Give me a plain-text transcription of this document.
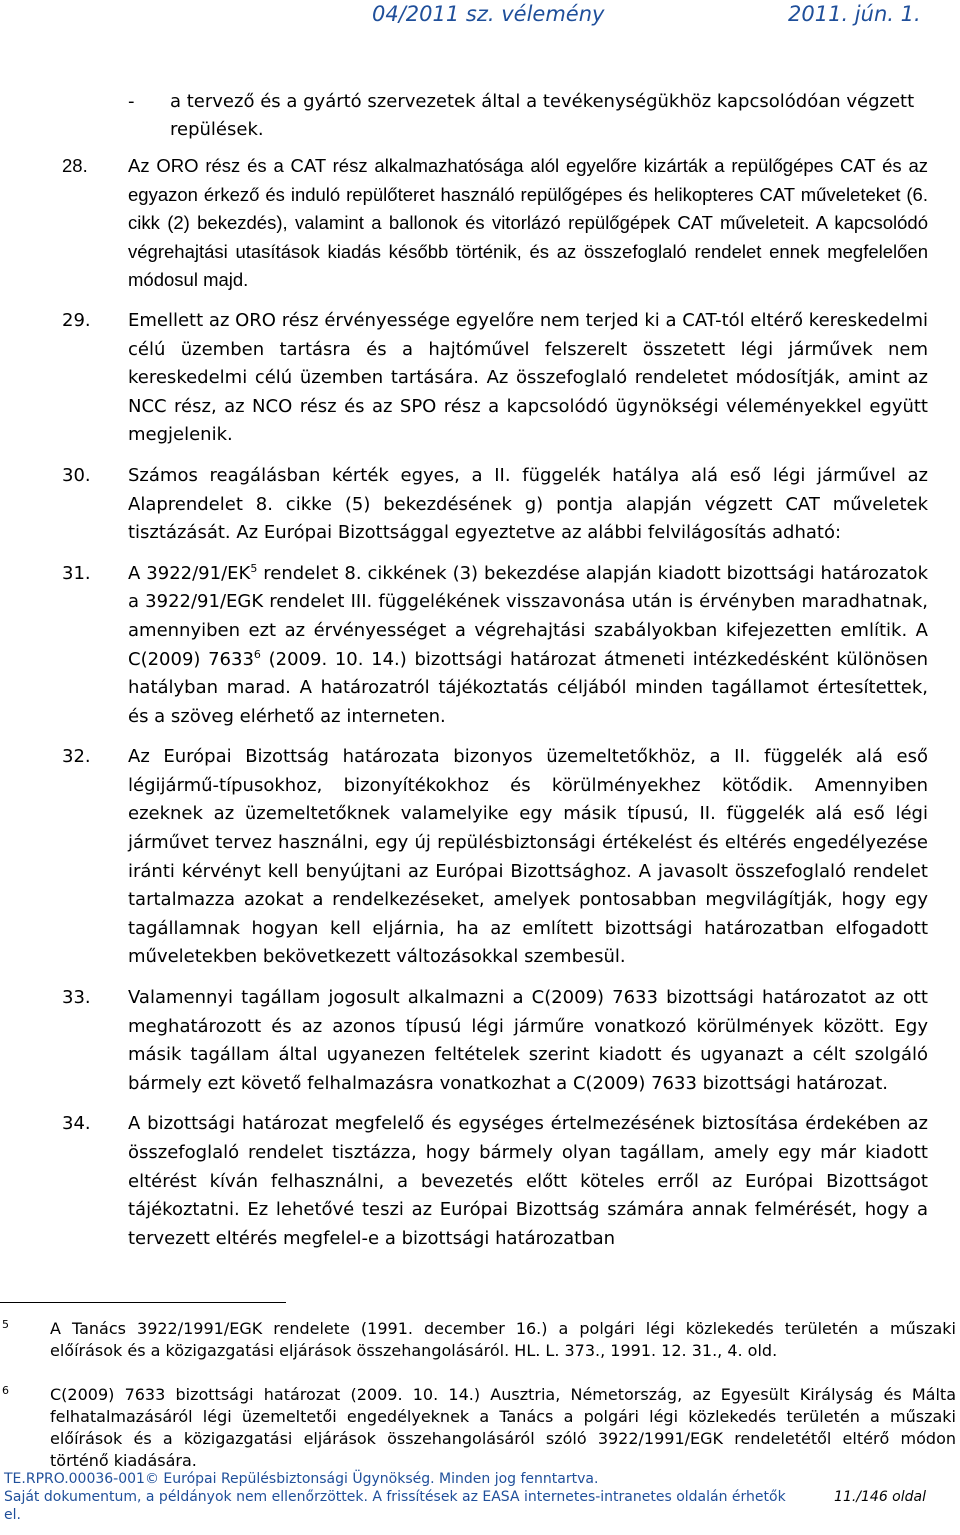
04/2011 sz. vélemény	2011. jún. 1.
- a tervező és a gyártó szervezetek által a tevékenységükhöz kapcsolódóan végzett repülések.
28. Az ORO rész és a CAT rész alkalmazhatósága alól egyelőre kizárták a repülőgépes CAT és az egyazon érkező és induló repülőteret használó repülőgépes és helikopteres CAT műveleteket (6. cikk (2) bekezdés), valamint a ballonok és vitorlázó repülőgépek CAT műveleteit. A kapcsolódó végrehajtási utasítások kiadás később történik, és az összefoglaló rendelet ennek megfelelően módosul majd.
29. Emellett az ORO rész érvényessége egyelőre nem terjed ki a CAT-tól eltérő kereskedelmi célú üzemben tartásra és a hajtóművel felszerelt összetett légi járművek nem kereskedelmi célú üzemben tartására. Az összefoglaló rendeletet módosítják, amint az NCC rész, az NCO rész és az SPO rész a kapcsolódó ügynökségi véleményekkel együtt megjelenik.
30. Számos reagálásban kérték egyes, a II. függelék hatálya alá eső légi járművel az Alaprendelet 8. cikke (5) bekezdésének g) pontja alapján végzett CAT műveletek tisztázását. Az Európai Bizottsággal egyeztetve az alábbi felvilágosítás adható:
31. A $3922/91/EK^5$ rendelet 8. cikkének (3) bekezdése alapján kiadott bizottsági határozatok a 3922/91/EGK rendelet III. függelékének visszavonása után is érvényben maradhatnak, amennyiben ezt az érvényességet a végrehajtási szabályokban kifejezetten említik. A C(2009) 7633$^6$ (2009. 10. 14.) bizottsági határozat átmeneti intézkedésként különösen hatályban marad. A határozatról tájékoztatás céljából minden tagállamot értesítettek, és a szöveg elérhető az interneten.
32. Az Európai Bizottság határozata bizonyos üzemeltetőkhöz, a II. függelék alá eső légijármű-típusokhoz, bizonyítékokhoz és körülményekhez kötődik. Amennyiben ezeknek az üzemeltetőknek valamelyike egy másik típusú, II. függelék alá eső légi járművet tervez használni, egy új repülésbiztonsági értékelést és eltérés engedélyezése iránti kérvényt kell benyújtani az Európai Bizottsághoz. A javasolt összefoglaló rendelet tartalmazza azokat a rendelkezéseket, amelyek pontosabban megvilágítják, hogy egy tagállamnak hogyan kell eljárnia, ha az említett bizottsági határozatban elfogadott műveletekben bekövetkezett változásokkal szembesül.
33. Valamennyi tagállam jogosult alkalmazni a C(2009) 7633 bizottsági határozatot az ott meghatározott és az azonos típusú légi járműre vonatkozó körülmények között. Egy másik tagállam által ugyanezen feltételek szerint kiadott és ugyanazt a célt szolgáló bármely ezt követő felhalmazásra vonatkozhat a C(2009) 7633 bizottsági határozat.
34. A bizottsági határozat megfelelő és egységes értelmezésének biztosítása érdekében az összefoglaló rendelet tisztázza, hogy bármely olyan tagállam, amely egy már kiadott eltérést kíván felhasználni, a bevezetés előtt köteles erről az Európai Bizottságot tájékoztatni. Ez lehetővé teszi az Európai Bizottság számára annak felmérését, hogy a tervezett eltérés megfelel-e a bizottsági határozatban
5	A Tanács 3922/1991/EGK rendelete (1991. december 16.) a polgári légi közlekedés területén a műszaki előírások és a közigazgatási eljárások összehangolásáról. HL. L. 373., 1991. 12. 31., 4. old.
6	C(2009) 7633 bizottsági határozat (2009. 10. 14.) Ausztria, Németország, az Egyesült Királyság és Málta felhatalmazásáról légi üzemeltetői engedélyeknek a Tanács a polgári légi közlekedés területén a műszaki előírások és a közigazgatási eljárások összehangolásáról szóló 3922/1991/EGK rendeletétől eltérő módon történő kiadására.
TE.RPRO.00036-001© Európai Repülésbiztonsági Ügynökség. Minden jog fenntartva.
Saját dokumentum, a példányok nem ellenőrzöttek. A frissítések az EASA internetes-intranetes oldalán érhetők el.
11./146 oldal
